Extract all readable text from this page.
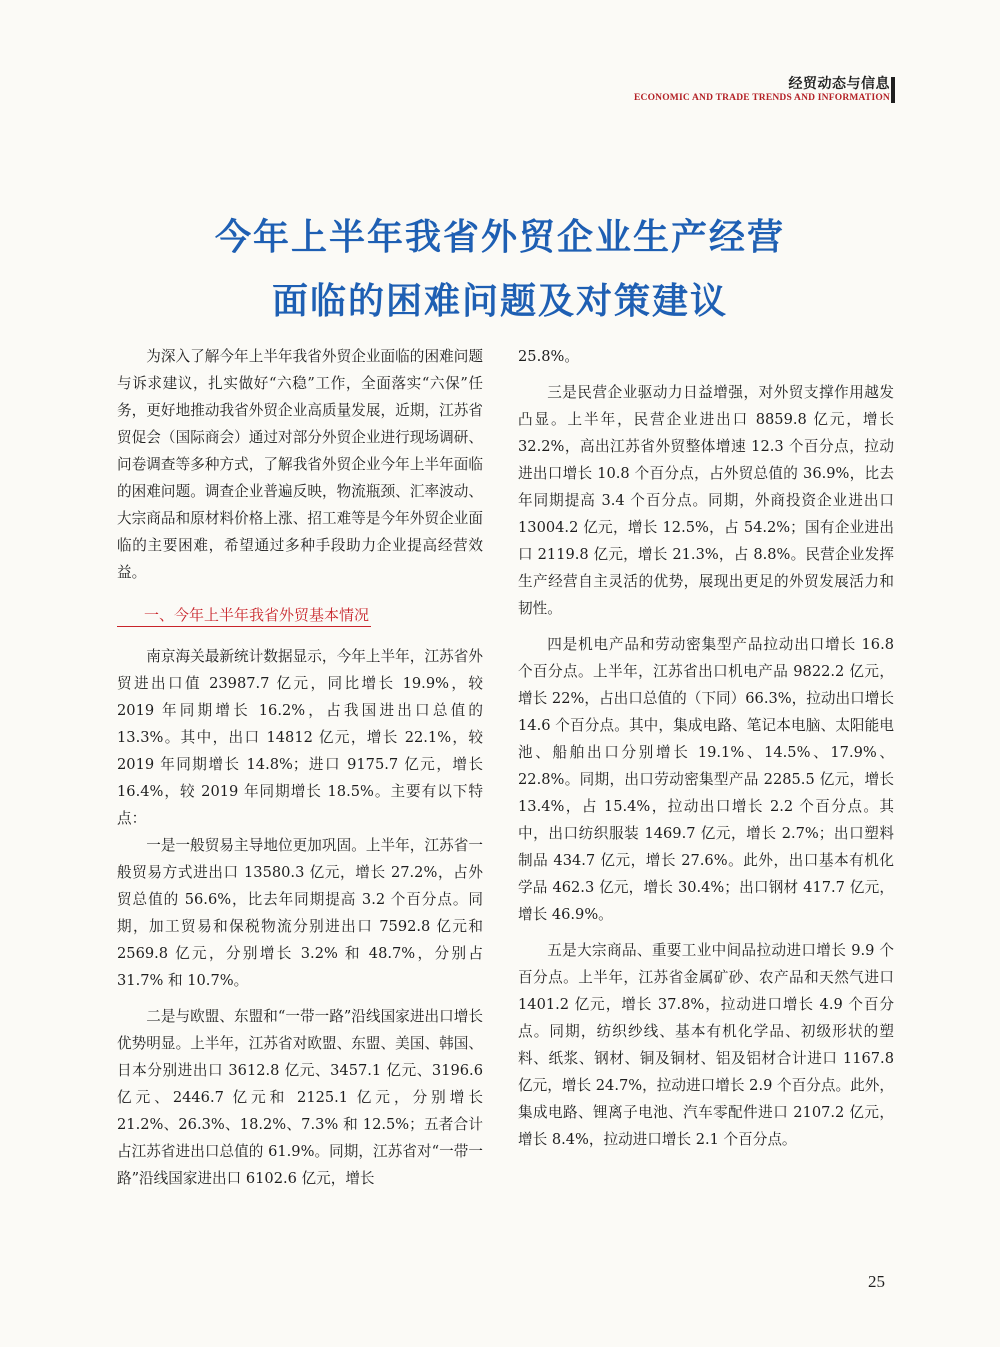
经贸动态与信息
ECONOMIC AND TRADE TRENDS AND INFORMATION
今年上半年我省外贸企业生产经营
面临的困难问题及对策建议

为深入了解今年上半年我省外贸企业面临的困难问题与诉求建议，扎实做好“六稳”工作，全面落实“六保”任务，更好地推动我省外贸企业高质量发展，近期，江苏省贸促会（国际商会）通过对部分外贸企业进行现场调研、问卷调查等多种方式，了解我省外贸企业今年上半年面临的困难问题。调查企业普遍反映，物流瓶颈、汇率波动、大宗商品和原材料价格上涨、招工难等是今年外贸企业面临的主要困难，希望通过多种手段助力企业提高经营效益。

一、今年上半年我省外贸基本情况

南京海关最新统计数据显示，今年上半年，江苏省外贸进出口值 23987.7 亿元，同比增长 19.9%，较 2019 年同期增长 16.2%，占我国进出口总值的 13.3%。其中，出口 14812 亿元，增长 22.1%，较 2019 年同期增长 14.8%；进口 9175.7 亿元，增长 16.4%，较 2019 年同期增长 18.5%。主要有以下特点：

一是一般贸易主导地位更加巩固。上半年，江苏省一般贸易方式进出口 13580.3 亿元，增长 27.2%，占外贸总值的 56.6%，比去年同期提高 3.2 个百分点。同期，加工贸易和保税物流分别进出口 7592.8 亿元和 2569.8 亿元，分别增长 3.2% 和 48.7%，分别占 31.7% 和 10.7%。

二是与欧盟、东盟和“一带一路”沿线国家进出口增长优势明显。上半年，江苏省对欧盟、东盟、美国、韩国、日本分别进出口 3612.8 亿元、3457.1 亿元、3196.6 亿元、2446.7 亿元和 2125.1 亿元，分别增长 21.2%、26.3%、18.2%、7.3% 和 12.5%；五者合计占江苏省进出口总值的 61.9%。同期，江苏省对“一带一路”沿线国家进出口 6102.6 亿元，增长

25.8%。

三是民营企业驱动力日益增强，对外贸支撑作用越发凸显。上半年，民营企业进出口 8859.8 亿元，增长 32.2%，高出江苏省外贸整体增速 12.3 个百分点，拉动进出口增长 10.8 个百分点，占外贸总值的 36.9%，比去年同期提高 3.4 个百分点。同期，外商投资企业进出口 13004.2 亿元，增长 12.5%，占 54.2%；国有企业进出口 2119.8 亿元，增长 21.3%，占 8.8%。民营企业发挥生产经营自主灵活的优势，展现出更足的外贸发展活力和韧性。

四是机电产品和劳动密集型产品拉动出口增长 16.8 个百分点。上半年，江苏省出口机电产品 9822.2 亿元，增长 22%，占出口总值的（下同）66.3%，拉动出口增长 14.6 个百分点。其中，集成电路、笔记本电脑、太阳能电池、船舶出口分别增长 19.1%、14.5%、17.9%、22.8%。同期，出口劳动密集型产品 2285.5 亿元，增长 13.4%，占 15.4%，拉动出口增长 2.2 个百分点。其中，出口纺织服装 1469.7 亿元，增长 2.7%；出口塑料制品 434.7 亿元，增长 27.6%。此外，出口基本有机化学品 462.3 亿元，增长 30.4%；出口钢材 417.7 亿元，增长 46.9%。

五是大宗商品、重要工业中间品拉动进口增长 9.9 个百分点。上半年，江苏省金属矿砂、农产品和天然气进口 1401.2 亿元，增长 37.8%，拉动进口增长 4.9 个百分点。同期，纺织纱线、基本有机化学品、初级形状的塑料、纸浆、钢材、铜及铜材、铝及铝材合计进口 1167.8 亿元，增长 24.7%，拉动进口增长 2.9 个百分点。此外，集成电路、锂离子电池、汽车零配件进口 2107.2 亿元，增长 8.4%，拉动进口增长 2.1 个百分点。

25
